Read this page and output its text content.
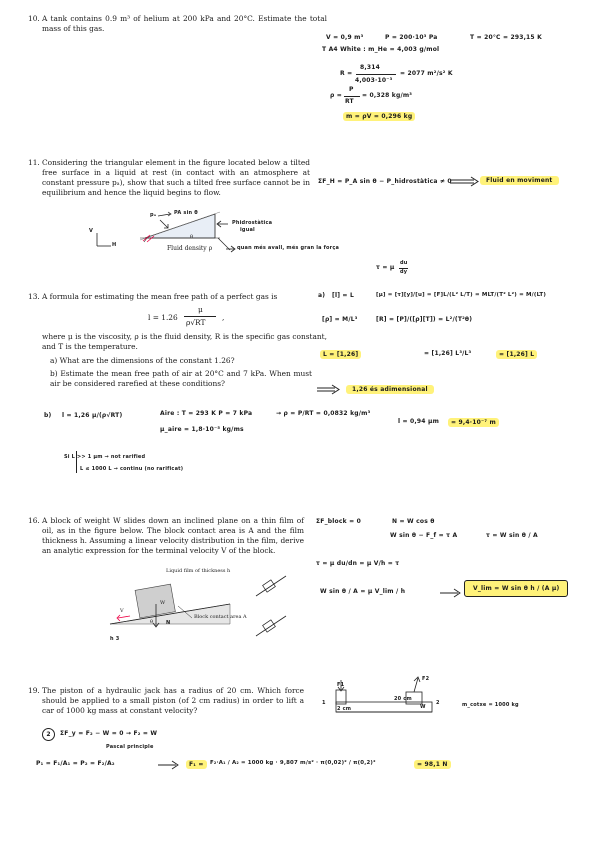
10. A tank contains 0.9 m³ of helium at 200 kPa and 20°C. Estimate the total mass of this gas.
V = 0,9 m³	P = 200·10³ Pa	T = 20°C = 293,15 K
T A4 White : m_He = 4,003 g/mol
R =
8,314
4,003·10⁻³
= 2077 m²/s² K
ρ =
P
RT
= 0,328 kg/m³
m = ρV = 0,296 kg
11. Considering the triangular element in the figure located below a tilted free surface in a liquid at rest (in contact with an atmosphere at constant pressure pₐ), show that such a tilted free surface cannot be in equilibrium and hence the liquid begins to flow.
ΣF_H = P_A sin θ − P_hidrostàtica ≠ 0	Fluid en moviment
pₐ	PA sin θ
Phidrostàtica
igual
θ
Fluid density ρ	quan més avall, més gran la força
V
H
13. A formula for estimating the mean free path of a perfect gas is
l = 1.26
μ
ρ√RT
,
where μ is the viscosity, ρ is the fluid density, R is the specific gas constant, and T is the temperature.
a) What are the dimensions of the constant 1.26?
b) Estimate the mean free path of air at 20°C and 7 kPa. When must air be considered rarefied at these conditions?
τ = μ
du
dy
a) [l] = L	[μ] = [τ][y]/[u] = [F]L/(L² L/T) = MLT/(T² L²) = M/(LT)
[ρ] = M/L³	[R] = [P]/([ρ][T]) = L²/(T²θ)
L = [1,26]	= [1,26] L³/L³	= [1,26] L
1,26 és adimensional
b) l = 1,26 μ/(ρ√RT)	Aire : T = 293 K P = 7 kPa	→ ρ = P/RT = 0,0832 kg/m³
μ_aire = 1,8·10⁻⁵ kg/ms
l = 0,94 μm	= 9,4·10⁻⁷ m
Si L >> 1 μm → not rarified
L ≤ 1000 L → continu (no rarificat)
16. A block of weight W slides down an inclined plane on a thin film of oil, as in the figure below. The block contact area is A and the film thickness h. Assuming a linear velocity distribution in the film, derive an analytic expression for the terminal velocity V of the block.
Liquid film of thickness h
W
V
θ
Block contact area A
N
h 3
ΣF_block = 0	N = W cos θ
W sin θ − F_f = τ A	τ = W sin θ / A
τ = μ du/dn = μ V/h = τ
W sin θ / A = μ V_lim / h	V_lim = W sin θ h / (A μ)
19. The piston of a hydraulic jack has a radius of 20 cm. Which force should be applied to a small piston (of 2 cm radius) in order to lift a car of 1000 kg mass at constant velocity?
F1
F2
1	2
2 cm
20 cm
W	m_cotxe = 1000 kg
2	ΣF_y = F₂ − W = 0 → F₂ = W
Pascal principle
P₁ = F₁/A₁ = P₂ = F₂/A₂	F₁ =	F₂·A₁ / A₂ = 1000 kg · 9,807 m/s² · π(0,02)² / π(0,2)²	= 98,1 N
